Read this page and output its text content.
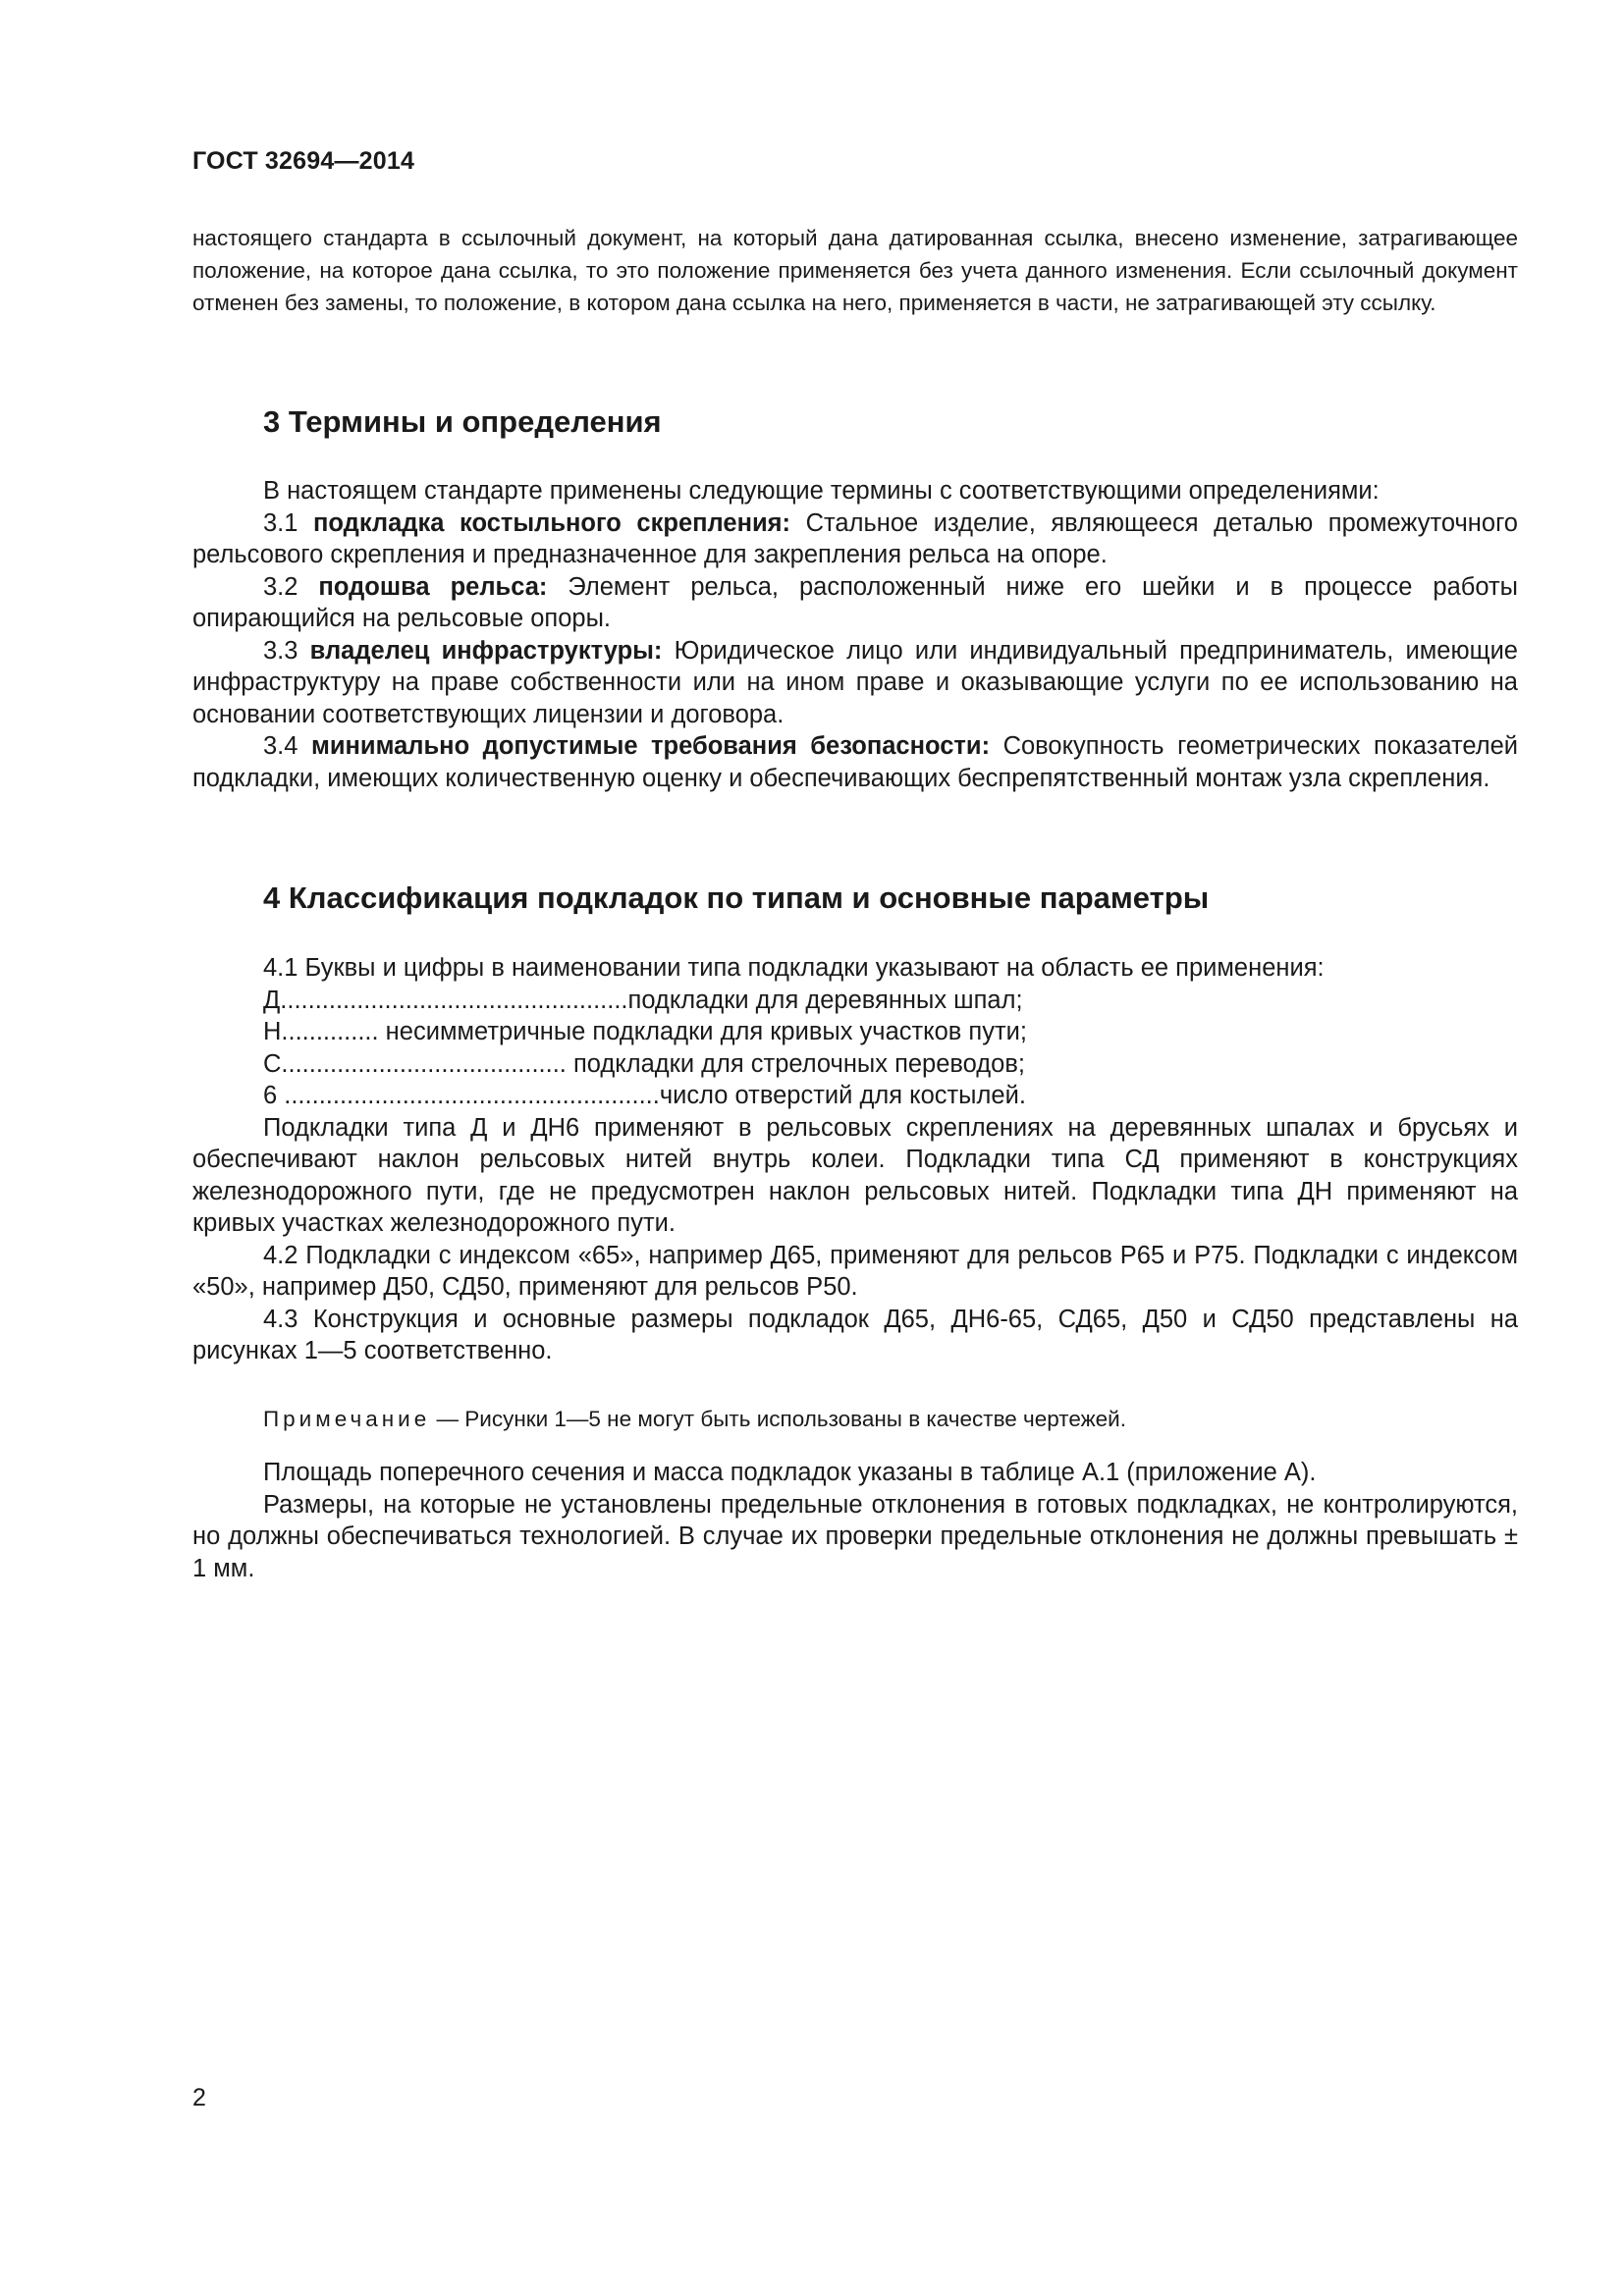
ГОСТ 32694—2014
настоящего стандарта в ссылочный документ, на который дана датированная ссылка, внесено изменение, затрагивающее положение, на которое дана ссылка, то это положение применяется без учета данного изменения. Если ссылочный документ отменен без замены, то положение, в котором дана ссылка на него, применяется в части, не затрагивающей эту ссылку.
3 Термины и определения

В настоящем стандарте применены следующие термины с соответствующими определениями:

3.1 подкладка костыльного скрепления: Стальное изделие, являющееся деталью промежуточного рельсового скрепления и предназначенное для закрепления рельса на опоре.

3.2 подошва рельса: Элемент рельса, расположенный ниже его шейки и в процессе работы опирающийся на рельсовые опоры.

3.3 владелец инфраструктуры: Юридическое лицо или индивидуальный предприниматель, имеющие инфраструктуру на праве собственности или на ином праве и оказывающие услуги по ее использованию на основании соответствующих лицензии и договора.

3.4 минимально допустимые требования безопасности: Совокупность геометрических показателей подкладки, имеющих количественную оценку и обеспечивающих беспрепятственный монтаж узла скрепления.

4 Классификация подкладок по типам и основные параметры

4.1 Буквы и цифры в наименовании типа подкладки указывают на область ее применения:

Д..................................................подкладки для деревянных шпал;

Н.............. несимметричные подкладки для кривых участков пути;

С......................................... подкладки для стрелочных переводов;

6 ......................................................число отверстий для костылей.

Подкладки типа Д и ДН6 применяют в рельсовых скреплениях на деревянных шпалах и брусьях и обеспечивают наклон рельсовых нитей внутрь колеи. Подкладки типа СД применяют в конструкциях железнодорожного пути, где не предусмотрен наклон рельсовых нитей. Подкладки типа ДН применяют на кривых участках железнодорожного пути.

4.2 Подкладки с индексом «65», например Д65, применяют для рельсов Р65 и Р75. Подкладки с индексом «50», например Д50, СД50, применяют для рельсов Р50.

4.3 Конструкция и основные размеры подкладок Д65, ДН6-65, СД65, Д50 и СД50 представлены на рисунках 1—5 соответственно.

Примечание — Рисунки 1—5 не могут быть использованы в качестве чертежей.

Площадь поперечного сечения и масса подкладок указаны в таблице А.1 (приложение А).

Размеры, на которые не установлены предельные отклонения в готовых подкладках, не контролируются, но должны обеспечиваться технологией. В случае их проверки предельные отклонения не должны превышать ± 1 мм.

2
